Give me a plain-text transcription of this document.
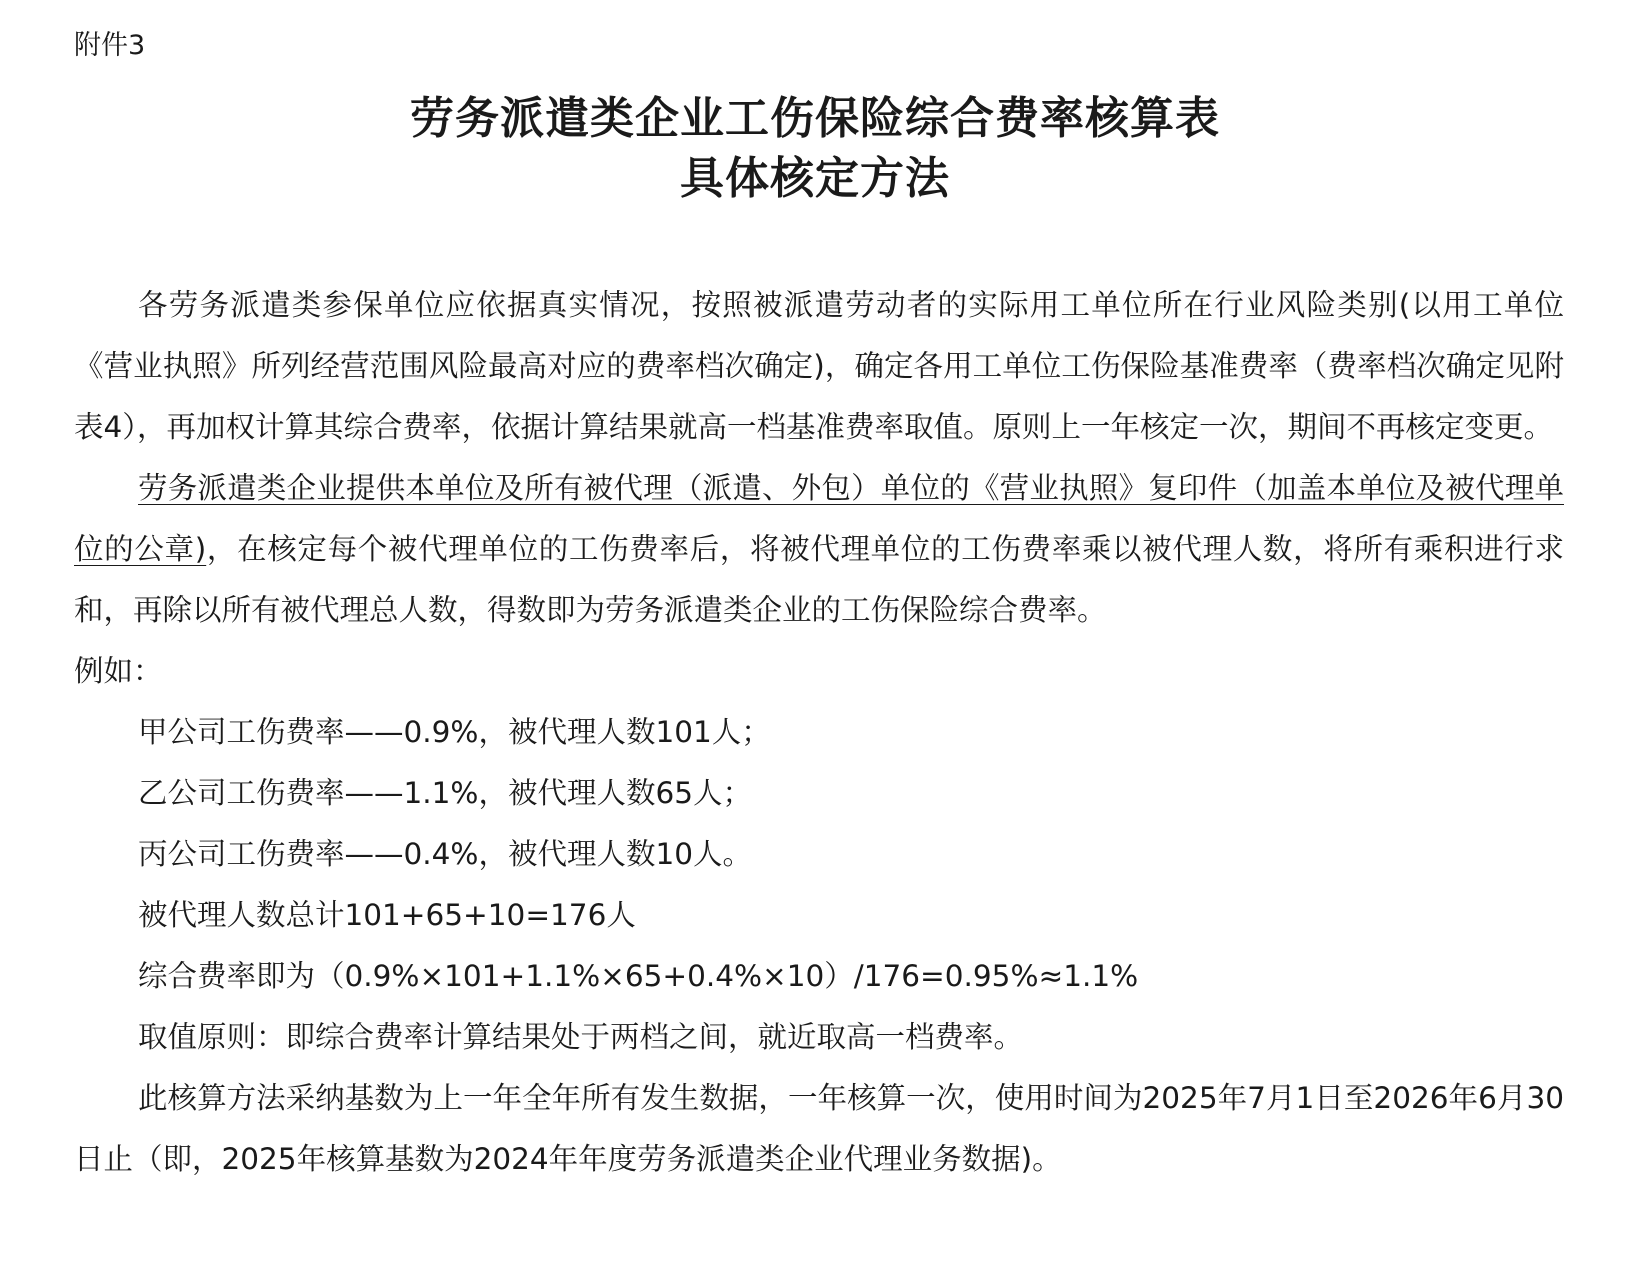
附件3
劳务派遣类企业工伤保险综合费率核算表
具体核定方法

各劳务派遣类参保单位应依据真实情况，按照被派遣劳动者的实际用工单位所在行业风险类别(以用工单位《营业执照》所列经营范围风险最高对应的费率档次确定)，确定各用工单位工伤保险基准费率（费率档次确定见附表4），再加权计算其综合费率，依据计算结果就高一档基准费率取值。原则上一年核定一次，期间不再核定变更。

劳务派遣类企业提供本单位及所有被代理（派遣、外包）单位的《营业执照》复印件（加盖本单位及被代理单位的公章)，在核定每个被代理单位的工伤费率后，将被代理单位的工伤费率乘以被代理人数，将所有乘积进行求和，再除以所有被代理总人数，得数即为劳务派遣类企业的工伤保险综合费率。

例如：

甲公司工伤费率——0.9%，被代理人数101人；

乙公司工伤费率——1.1%，被代理人数65人；

丙公司工伤费率——0.4%，被代理人数10人。

被代理人数总计101+65+10=176人

综合费率即为（0.9%×101+1.1%×65+0.4%×10）/176=0.95%≈1.1%

取值原则：即综合费率计算结果处于两档之间，就近取高一档费率。

此核算方法采纳基数为上一年全年所有发生数据，一年核算一次，使用时间为2025年7月1日至2026年6月30日止（即，2025年核算基数为2024年年度劳务派遣类企业代理业务数据)。
